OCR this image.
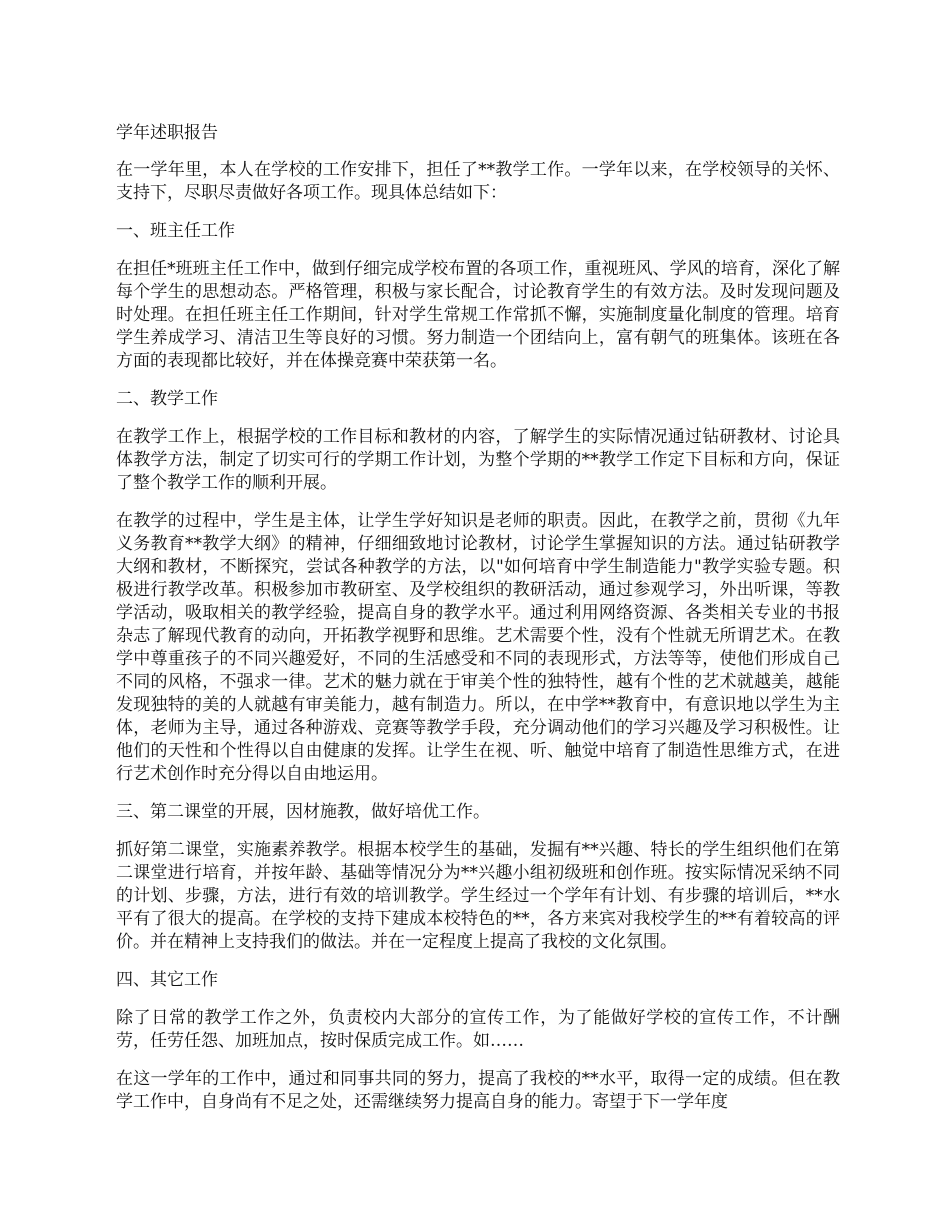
学年述职报告

在一学年里，本人在学校的工作安排下，担任了**教学工作。一学年以来，在学校领导的关怀、支持下，尽职尽责做好各项工作。现具体总结如下：

一、班主任工作

在担任*班班主任工作中，做到仔细完成学校布置的各项工作，重视班风、学风的培育，深化了解每个学生的思想动态。严格管理，积极与家长配合，讨论教育学生的有效方法。及时发现问题及时处理。在担任班主任工作期间，针对学生常规工作常抓不懈，实施制度量化制度的管理。培育学生养成学习、清洁卫生等良好的习惯。努力制造一个团结向上，富有朝气的班集体。该班在各方面的表现都比较好，并在体操竞赛中荣获第一名。

二、教学工作

在教学工作上，根据学校的工作目标和教材的内容，了解学生的实际情况通过钻研教材、讨论具体教学方法，制定了切实可行的学期工作计划，为整个学期的**教学工作定下目标和方向，保证了整个教学工作的顺利开展。

在教学的过程中，学生是主体，让学生学好知识是老师的职责。因此，在教学之前，贯彻《九年义务教育**教学大纲》的精神，仔细细致地讨论教材，讨论学生掌握知识的方法。通过钻研教学大纲和教材，不断探究，尝试各种教学的方法，以"如何培育中学生制造能力"教学实验专题。积极进行教学改革。积极参加市教研室、及学校组织的教研活动，通过参观学习，外出听课，等教学活动，吸取相关的教学经验，提高自身的教学水平。通过利用网络资源、各类相关专业的书报杂志了解现代教育的动向，开拓教学视野和思维。艺术需要个性，没有个性就无所谓艺术。在教学中尊重孩子的不同兴趣爱好，不同的生活感受和不同的表现形式，方法等等，使他们形成自己不同的风格，不强求一律。艺术的魅力就在于审美个性的独特性，越有个性的艺术就越美，越能发现独特的美的人就越有审美能力，越有制造力。所以，在中学**教育中，有意识地以学生为主体，老师为主导，通过各种游戏、竞赛等教学手段，充分调动他们的学习兴趣及学习积极性。让他们的天性和个性得以自由健康的发挥。让学生在视、听、触觉中培育了制造性思维方式，在进行艺术创作时充分得以自由地运用。

三、第二课堂的开展，因材施教，做好培优工作。

抓好第二课堂，实施素养教学。根据本校学生的基础，发掘有**兴趣、特长的学生组织他们在第二课堂进行培育，并按年龄、基础等情况分为**兴趣小组初级班和创作班。按实际情况采纳不同的计划、步骤，方法，进行有效的培训教学。学生经过一个学年有计划、有步骤的培训后，**水平有了很大的提高。在学校的支持下建成本校特色的**，各方来宾对我校学生的**有着较高的评价。并在精神上支持我们的做法。并在一定程度上提高了我校的文化氛围。

四、其它工作

除了日常的教学工作之外，负责校内大部分的宣传工作，为了能做好学校的宣传工作，不计酬劳，任劳任怨、加班加点，按时保质完成工作。如……

在这一学年的工作中，通过和同事共同的努力，提高了我校的**水平，取得一定的成绩。但在教学工作中，自身尚有不足之处，还需继续努力提高自身的能力。寄望于下一学年度
